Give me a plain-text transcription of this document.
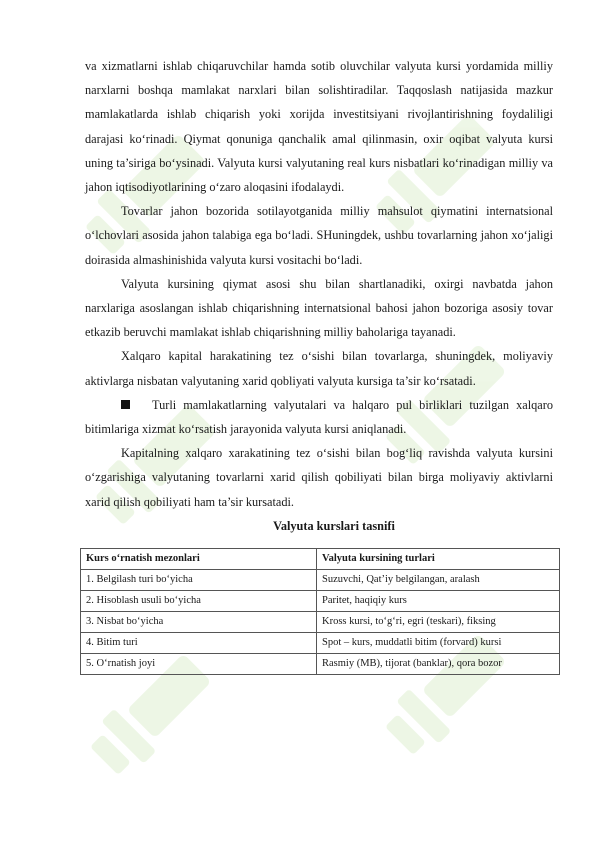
va xizmatlarni ishlab chiqaruvchilar hamda sotib oluvchilar valyuta kursi yordamida milliy narxlarni boshqa mamlakat narxlari bilan solishtiradilar. Taqqoslash natijasida mazkur mamlakatlarda ishlab chiqarish yoki xorijda investitsiyani rivojlantirishning foydaliligi darajasi ko‘rinadi. Qiymat qonuniga qanchalik amal qilinmasin, oxir oqibat valyuta kursi uning ta’siriga bo‘ysinadi. Valyuta kursi valyutaning real kurs nisbatlari ko‘rinadigan milliy va jahon iqtisodiyotlarining o‘zaro aloqasini ifodalaydi.

Tovarlar jahon bozorida sotilayotganida milliy mahsulot qiymatini internatsional o‘lchovlari asosida jahon talabiga ega bo‘ladi. SHuningdek, ushbu tovarlarning jahon xo‘jaligi doirasida almashinishida valyuta kursi vositachi bo‘ladi.

Valyuta kursining qiymat asosi shu bilan shartlanadiki, oxirgi navbatda jahon narxlariga asoslangan ishlab chiqarishning internatsional bahosi jahon bozoriga asosiy tovar etkazib beruvchi mamlakat ishlab chiqarishning milliy baholariga tayanadi.

Xalqaro kapital harakatining tez o‘sishi bilan tovarlarga, shuningdek, moliyaviy aktivlarga nisbatan valyutaning xarid qobliyati valyuta kursiga ta’sir ko‘rsatadi.

Turli mamlakatlarning valyutalari va halqaro pul birliklari tuzilgan xalqaro bitimlariga xizmat ko‘rsatish jarayonida valyuta kursi aniqlanadi.

Kapitalning xalqaro xarakatining tez o‘sishi bilan bog‘liq ravishda valyuta kursini o‘zgarishiga valyutaning tovarlarni xarid qilish qobiliyati bilan birga moliyaviy aktivlarni xarid qilish qobiliyati ham ta’sir kursatadi.

Valyuta kurslari tasnifi

Kurs o‘rnatish mezonlari	Valyuta kursining turlari
1. Belgilash turi bo‘yicha	Suzuvchi, Qat’iy belgilangan, aralash
2. Hisoblash usuli bo‘yicha	Paritet, haqiqiy kurs
3. Nisbat bo‘yicha	Kross kursi, to‘g‘ri, egri (teskari), fiksing
4. Bitim turi	Spot – kurs, muddatli bitim (forvard) kursi
5. O‘rnatish joyi	Rasmiy (MB), tijorat (banklar), qora bozor
